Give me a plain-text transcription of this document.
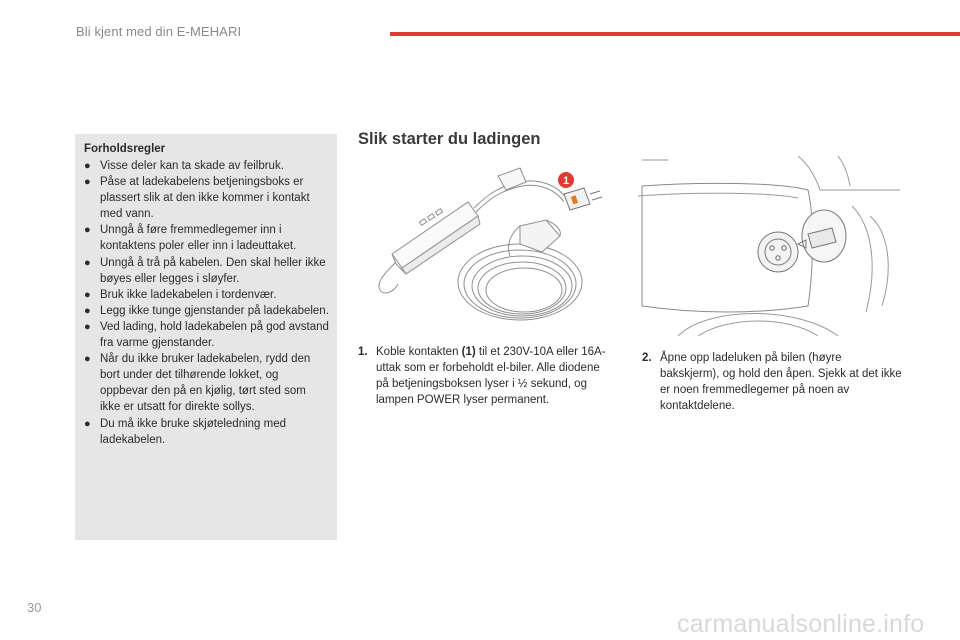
Bli kjent med din E-MEHARI
Forholdsregler
● Visse deler kan ta skade av feilbruk.
● Påse at ladekabelens betjeningsboks er plassert slik at den ikke kommer i kontakt med vann.
● Unngå å føre fremmedlegemer inn i kontaktens poler eller inn i ladeuttaket.
● Unngå å trå på kabelen. Den skal heller ikke bøyes eller legges i sløyfer.
● Bruk ikke ladekabelen i tordenvær.
● Legg ikke tunge gjenstander på ladekabelen.
● Ved lading, hold ladekabelen på god avstand fra varme gjenstander.
● Når du ikke bruker ladekabelen, rydd den bort under det tilhørende lokket, og oppbevar den på en kjølig, tørt sted som ikke er utsatt for direkte sollys.
● Du må ikke bruke skjøteledning med ladekabelen.
Slik starter du ladingen
1
1. Koble kontakten (1) til et 230V-10A eller 16A-uttak som er forbeholdt el-biler. Alle diodene på betjeningsboksen lyser i ½ sekund, og lampen POWER lyser permanent.
2. Åpne opp ladeluken på bilen (høyre bakskjerm), og hold den åpen. Sjekk at det ikke er noen fremmedlegemer på noen av kontaktdelene.
30
carmanualsonline.info
